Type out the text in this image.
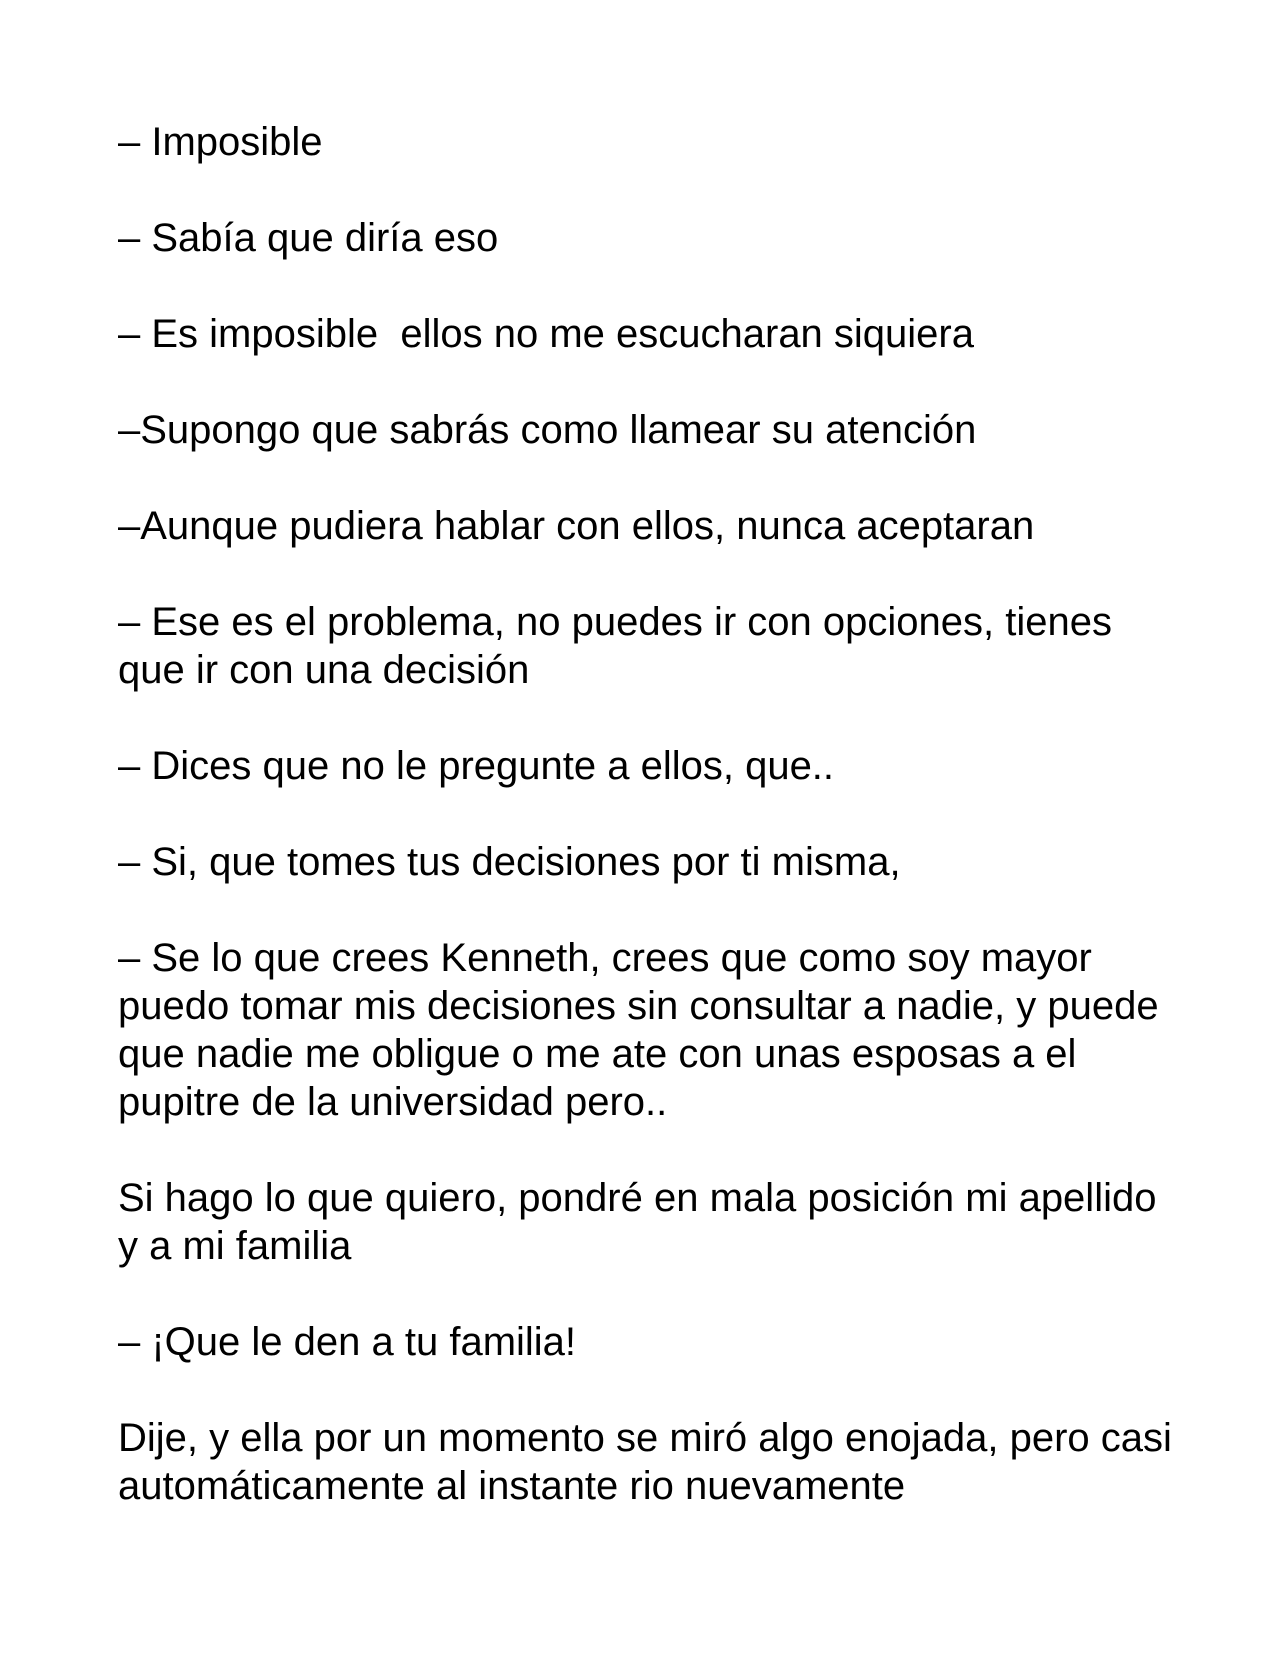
– Imposible

– Sabía que diría eso

– Es imposible  ellos no me escucharan siquiera

–Supongo que sabrás como llamear su atención

–Aunque pudiera hablar con ellos, nunca aceptaran

– Ese es el problema, no puedes ir con opciones, tienes que ir con una decisión

– Dices que no le pregunte a ellos, que..

– Si, que tomes tus decisiones por ti misma,

– Se lo que crees Kenneth, crees que como soy mayor puedo tomar mis decisiones sin consultar a nadie, y puede que nadie me obligue o me ate con unas esposas a el pupitre de la universidad pero..

Si hago lo que quiero, pondré en mala posición mi apellido y a mi familia

– ¡Que le den a tu familia!

Dije, y ella por un momento se miró algo enojada, pero casi automáticamente al instante rio nuevamente
